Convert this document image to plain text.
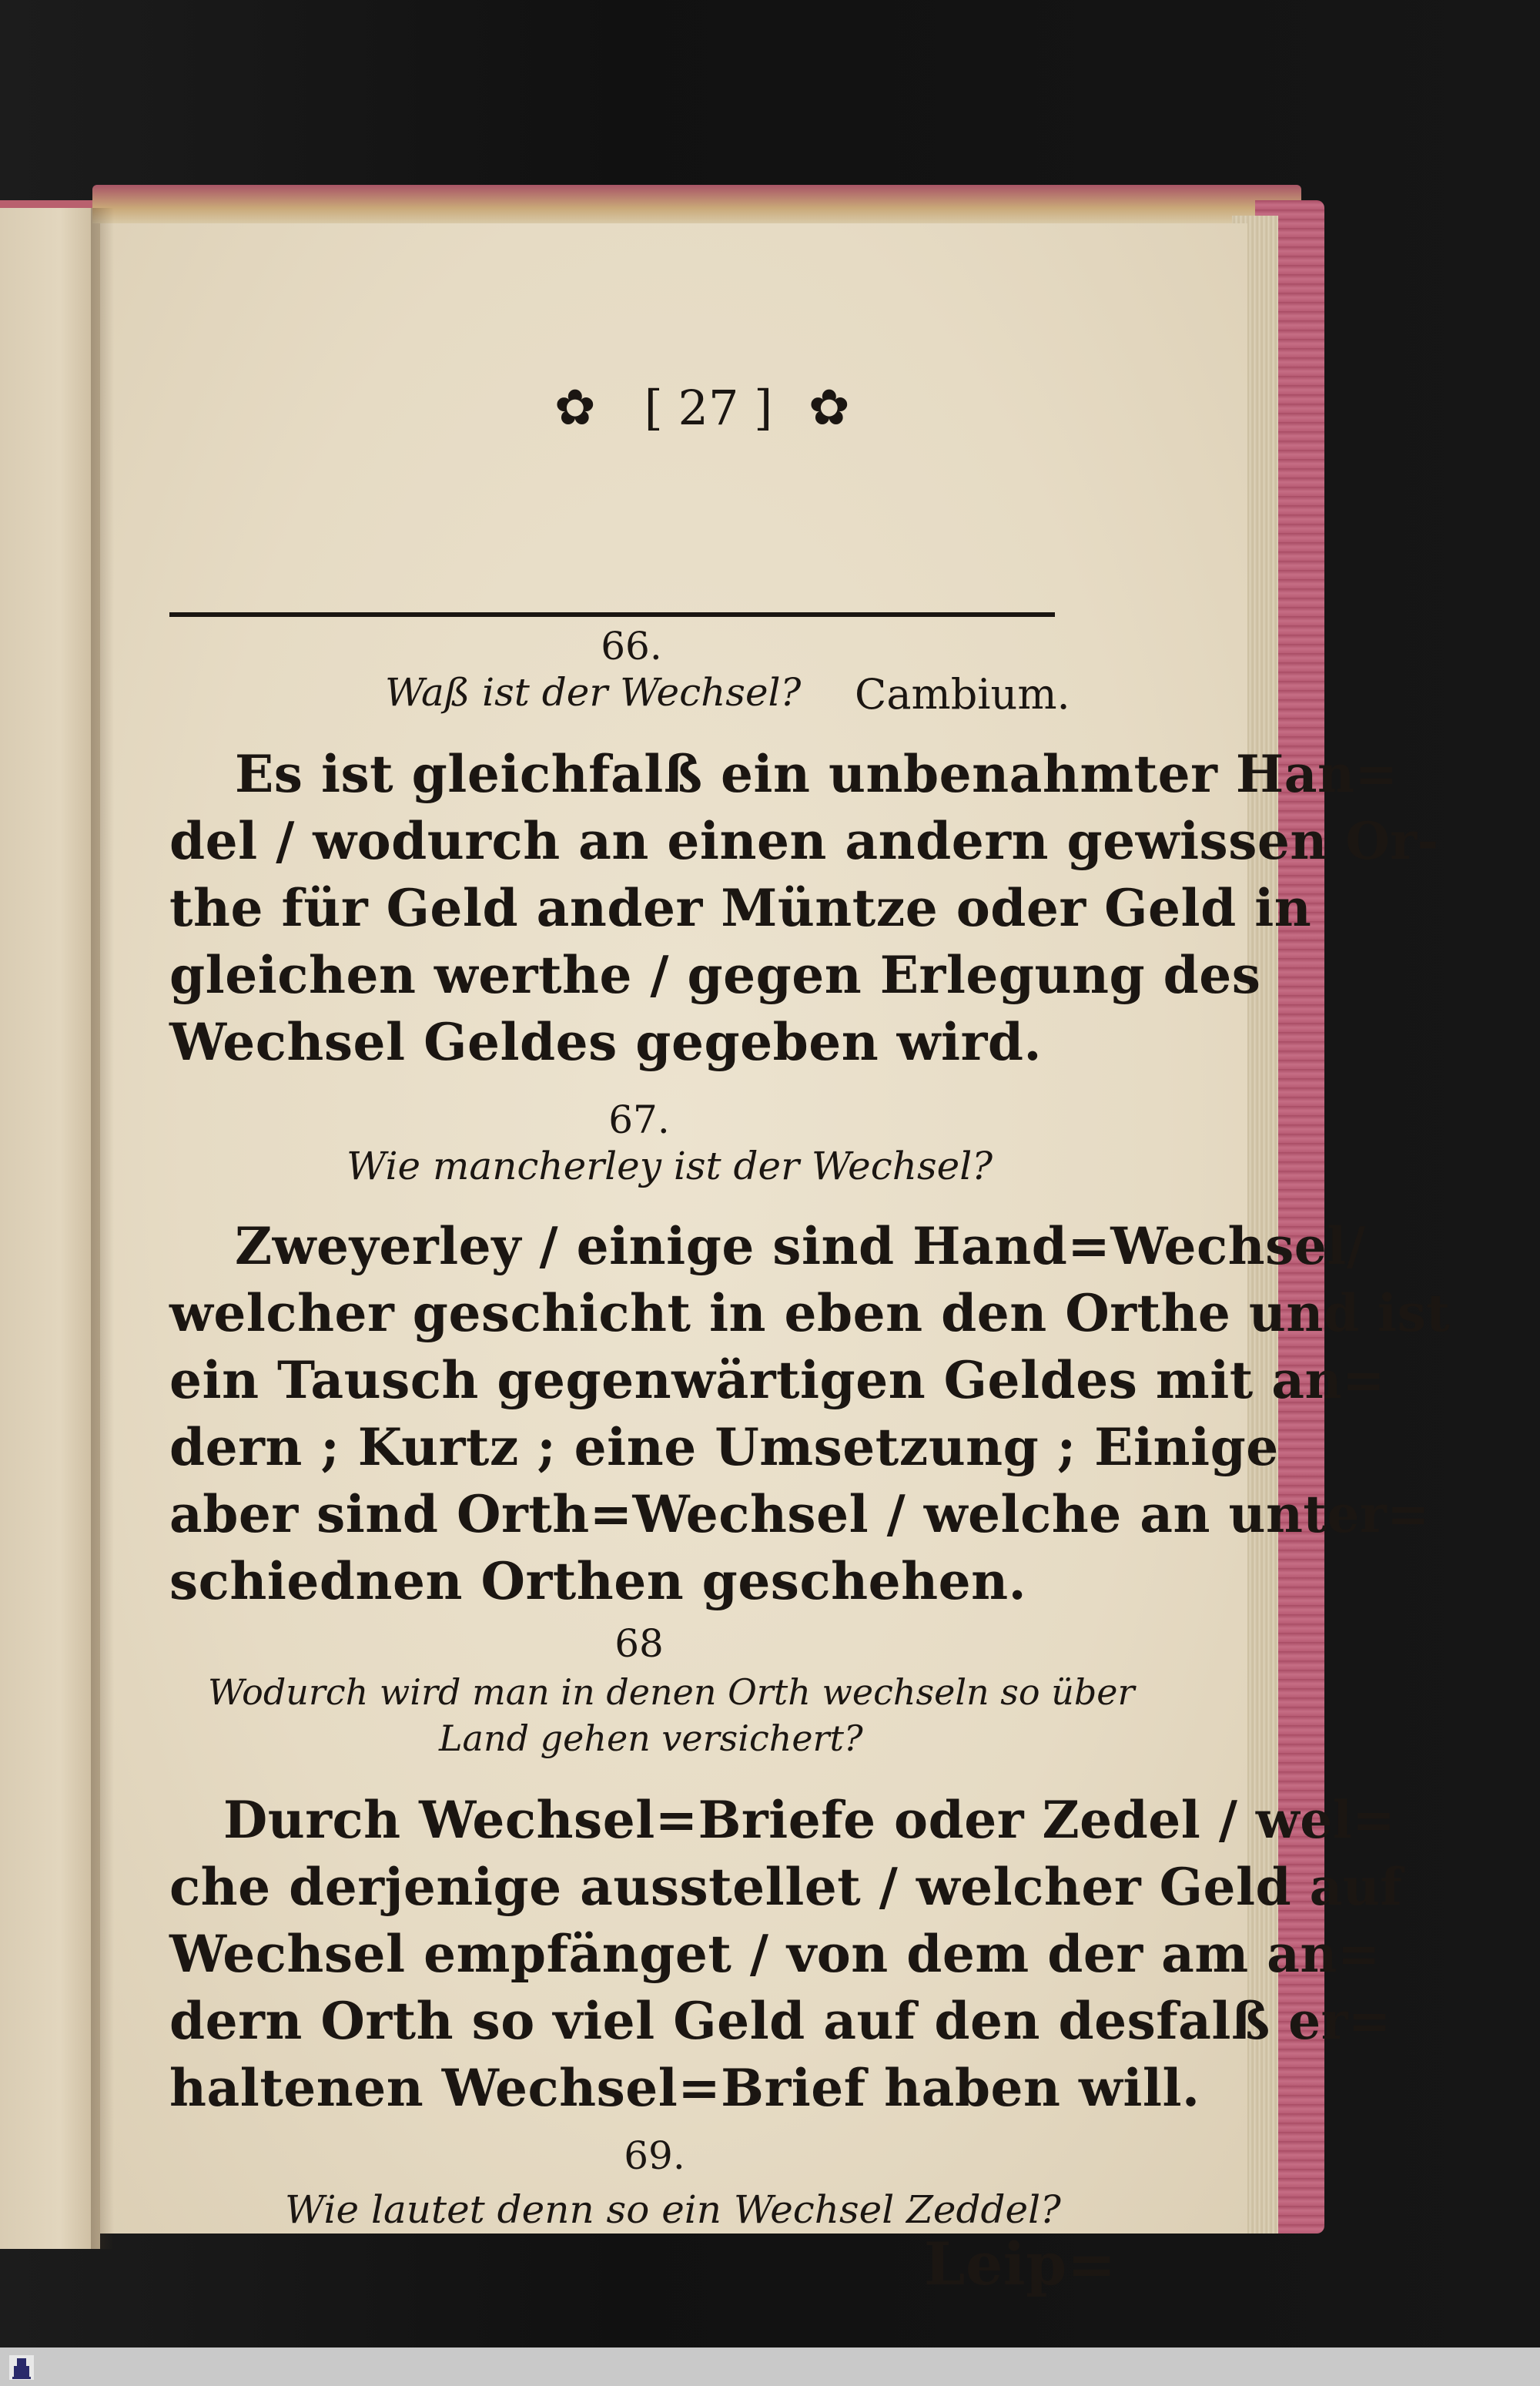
✿	[ 27 ] ✿

66.

Waß ist der Wechsel? Cambium.

Es ist gleichfalß ein unbenahmter Han=

del / wodurch an einen andern gewissen Or-

the für Geld ander Müntze oder Geld in

gleichen werthe / gegen Erlegung des

Wechsel Geldes gegeben wird.

67.

Wie mancherley ist der Wechsel?

Zweyerley / einige sind Hand=Wechsel/

welcher geschicht in eben den Orthe und ist

ein Tausch gegenwärtigen Geldes mit an=

dern ; Kurtz ; eine Umsetzung ; Einige

aber sind Orth=Wechsel / welche an unter=

schiednen Orthen geschehen.

68

Wodurch wird man in denen Orth wechseln so über

Land gehen versichert?

Durch Wechsel=Briefe oder Zedel / wel=

che derjenige ausstellet / welcher Geld auf

Wechsel empfänget / von dem der am an=

dern Orth so viel Geld auf den desfalß er=

haltenen Wechsel=Brief haben will.

69.

Wie lautet denn so ein Wechsel Zeddel?

Leip=
